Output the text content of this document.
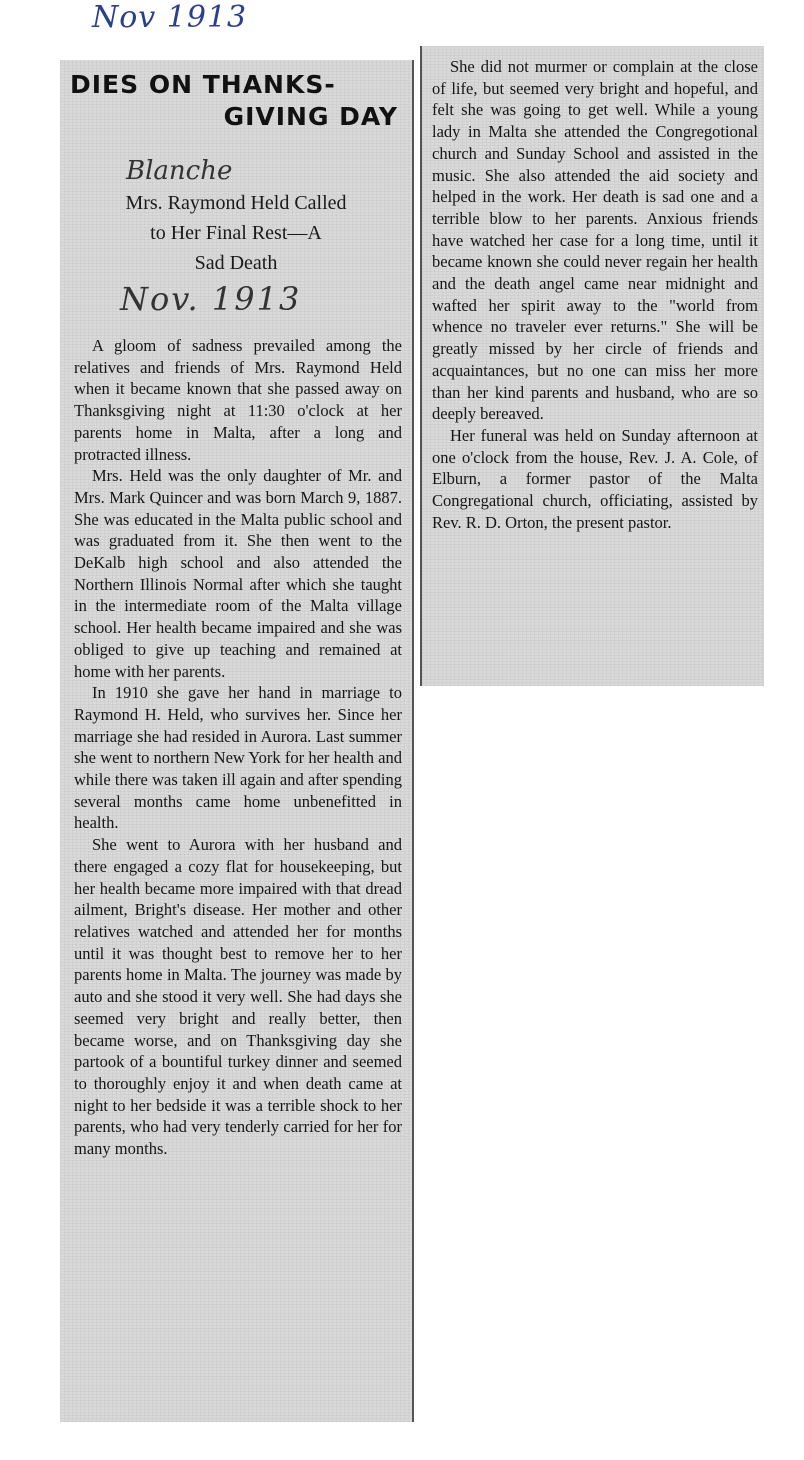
Nov 1913
DIES ON THANKS-
GIVING DAY
Blanche
Mrs. Raymond Held Called
to Her Final Rest—A
Sad Death
Nov. 1913

A gloom of sadness prevailed among the relatives and friends of Mrs. Raymond Held when it became known that she passed away on Thanksgiving night at 11:30 o'clock at her parents home in Malta, after a long and protracted illness.

Mrs. Held was the only daughter of Mr. and Mrs. Mark Quincer and was born March 9, 1887. She was educated in the Malta public school and was graduated from it. She then went to the DeKalb high school and also attended the Northern Illinois Normal after which she taught in the intermediate room of the Malta village school. Her health became impaired and she was obliged to give up teaching and remained at home with her parents.

In 1910 she gave her hand in marriage to Raymond H. Held, who survives her. Since her marriage she had resided in Aurora. Last summer she went to northern New York for her health and while there was taken ill again and after spending several months came home unbenefitted in health.

She went to Aurora with her husband and there engaged a cozy flat for housekeeping, but her health became more impaired with that dread ailment, Bright's disease. Her mother and other relatives watched and attended her for months until it was thought best to remove her to her parents home in Malta. The journey was made by auto and she stood it very well. She had days she seemed very bright and really better, then became worse, and on Thanksgiving day she partook of a bountiful turkey dinner and seemed to thoroughly enjoy it and when death came at night to her bedside it was a terrible shock to her parents, who had very tenderly carried for her for many months.

She did not murmer or complain at the close of life, but seemed very bright and hopeful, and felt she was going to get well. While a young lady in Malta she attended the Congregotional church and Sunday School and assisted in the music. She also attended the aid society and helped in the work. Her death is sad one and a terrible blow to her parents. Anxious friends have watched her case for a long time, until it became known she could never regain her health and the death angel came near midnight and wafted her spirit away to the "world from whence no traveler ever returns." She will be greatly missed by her circle of friends and acquaintances, but no one can miss her more than her kind parents and husband, who are so deeply bereaved.

Her funeral was held on Sunday afternoon at one o'clock from the house, Rev. J. A. Cole, of Elburn, a former pastor of the Malta Congregational church, officiating, assisted by Rev. R. D. Orton, the present pastor.
